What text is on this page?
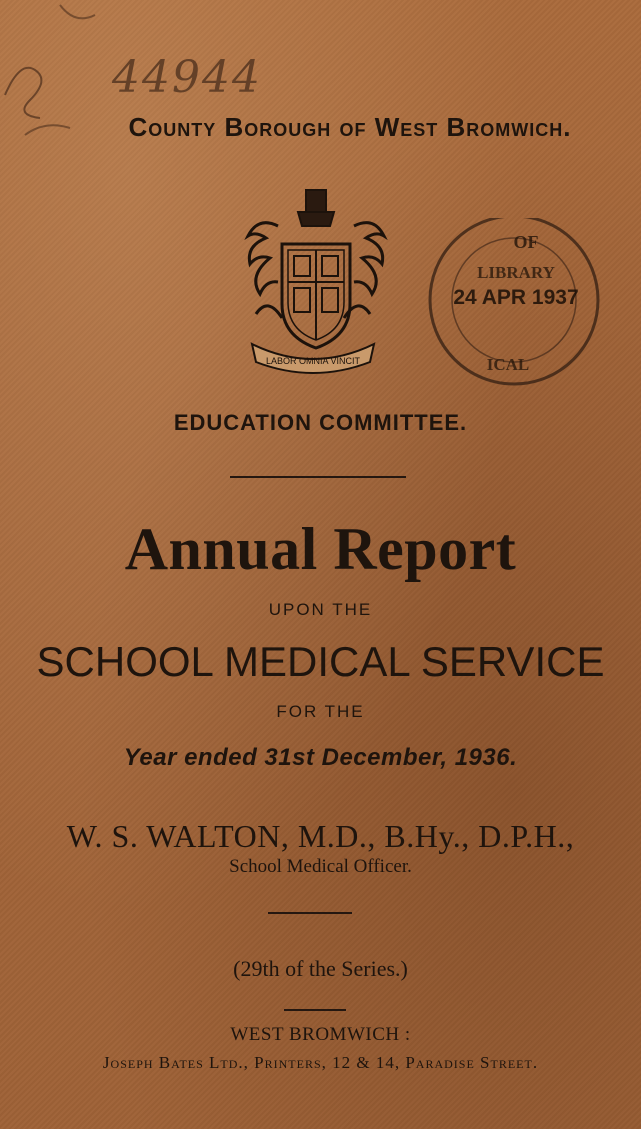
44944
County Borough of West Bromwich.
LABOR OMNIA VINCIT
OF
LIBRARY
24 APR 1937
ICAL
EDUCATION COMMITTEE.
Annual Report
UPON THE
SCHOOL MEDICAL SERVICE
FOR THE
Year ended 31st December, 1936.
W. S. WALTON, M.D., B.Hy., D.P.H.,
School Medical Officer.
(29th of the Series.)
WEST BROMWICH :
Joseph Bates Ltd., Printers, 12 & 14, Paradise Street.
